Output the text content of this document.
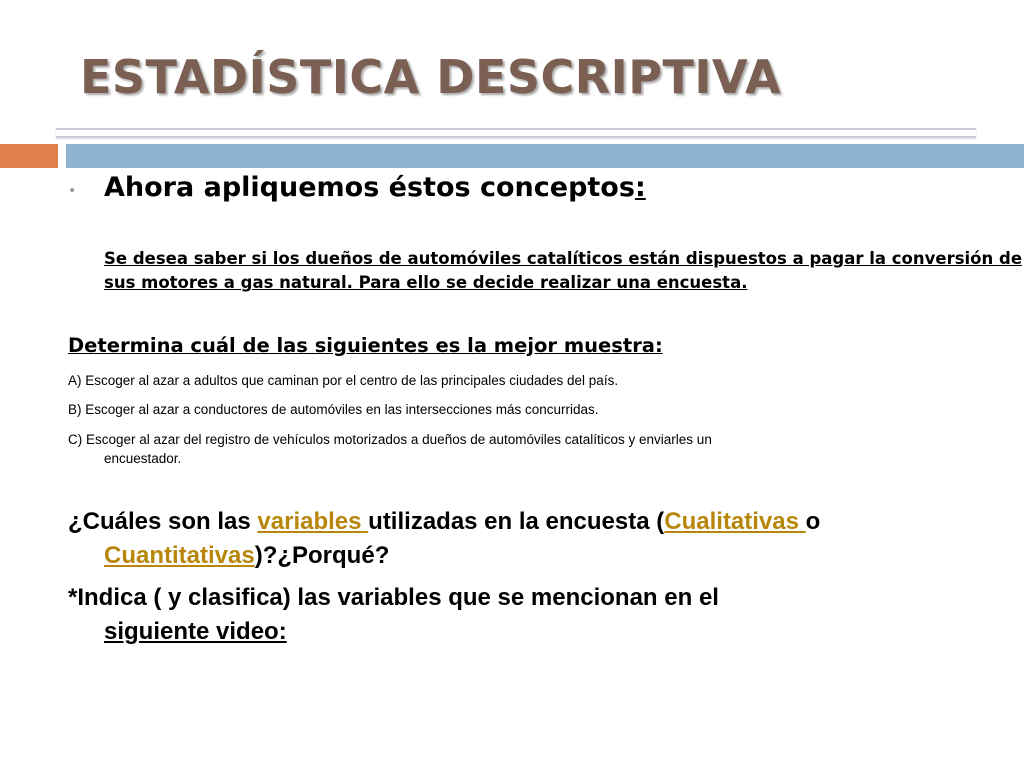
ESTADÍSTICA DESCRIPTIVA
• Ahora apliquemos éstos conceptos:
Se desea saber si los dueños de automóviles catalíticos están dispuestos a pagar la conversión de sus motores a gas natural. Para ello se decide realizar una encuesta.
Determina cuál de las siguientes es la mejor muestra:
A) Escoger al azar a adultos que caminan por el centro de las principales ciudades del país.
B) Escoger al azar a conductores de automóviles en las intersecciones más concurridas.
C) Escoger al azar del registro de vehículos motorizados a dueños de automóviles catalíticos y enviarles un
encuestador.
¿Cuáles son las variables utilizadas en la encuesta (Cualitativas o
Cuantitativas)?¿Porqué?
*Indica ( y clasifica) las variables que se mencionan en el
siguiente video:
